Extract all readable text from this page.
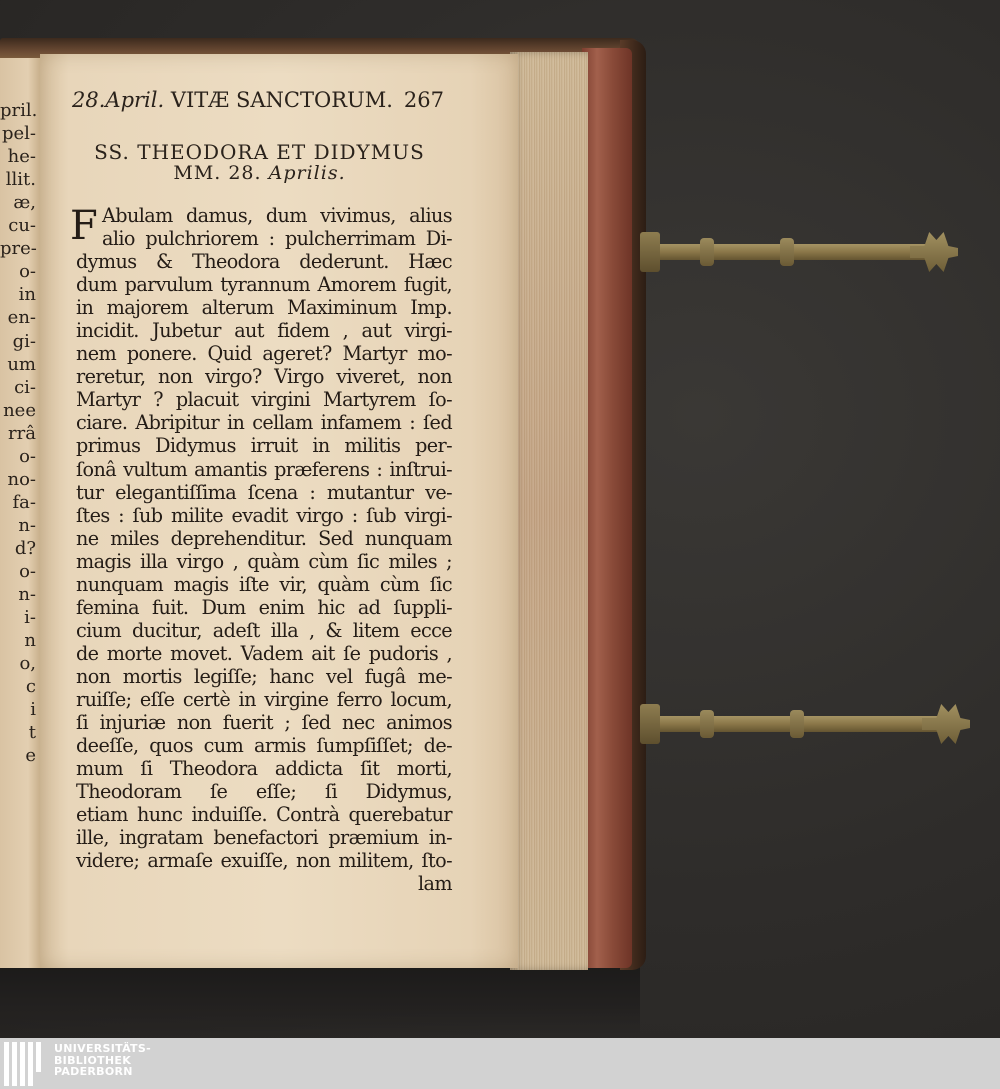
pril.
pel-
he-
llit.
æ,
cu-
pre-
o-
in
en-
gi-
um
ci-
nee
rrâ
o-
no-
fa-
n-
d?
o-
n-
i-
n
o,
c
i
t
e
28.April. VITÆ SANCTORUM. 267
SS. THEODORA ET DIDYMUS
MM. 28. Aprilis.
F Abulam damus, dum vivimus, alius
alio pulchriorem : pulcherrimam Di-
dymus & Theodora dederunt. Hæc
dum parvulum tyrannum Amorem fugit,
in majorem alterum Maximinum Imp.
incidit. Jubetur aut fidem , aut virgi-
nem ponere. Quid ageret? Martyr mo-
reretur, non virgo? Virgo viveret, non
Martyr ? placuit virgini Martyrem ſo-
ciare. Abripitur in cellam infamem : ſed
primus Didymus irruit in militis per-
ſonâ vultum amantis præferens : inſtrui-
tur elegantiſſima ſcena : mutantur ve-
ſtes : ſub milite evadit virgo : ſub virgi-
ne miles deprehenditur. Sed nunquam
magis illa virgo , quàm cùm ſic miles ;
nunquam magis iſte vir, quàm cùm ſic
femina fuit. Dum enim hic ad ſuppli-
cium ducitur, adeſt illa , & litem ecce
de morte movet. Vadem ait ſe pudoris ,
non mortis legiſſe; hanc vel fugâ me-
ruiſſe; eſſe certè in virgine ferro locum,
ſi injuriæ non fuerit ; ſed nec animos
deeſſe, quos cum armis ſumpſiſſet; de-
mum ſi Theodora addicta ſit morti,
Theodoram ſe eſſe; ſi Didymus,
etiam hunc induiſſe. Contrà querebatur
ille, ingratam benefactori præmium in-
videre; armaſe exuiſſe, non militem, ſto-
lam
UNIVERSITÄTS-
BIBLIOTHEK
PADERBORN
